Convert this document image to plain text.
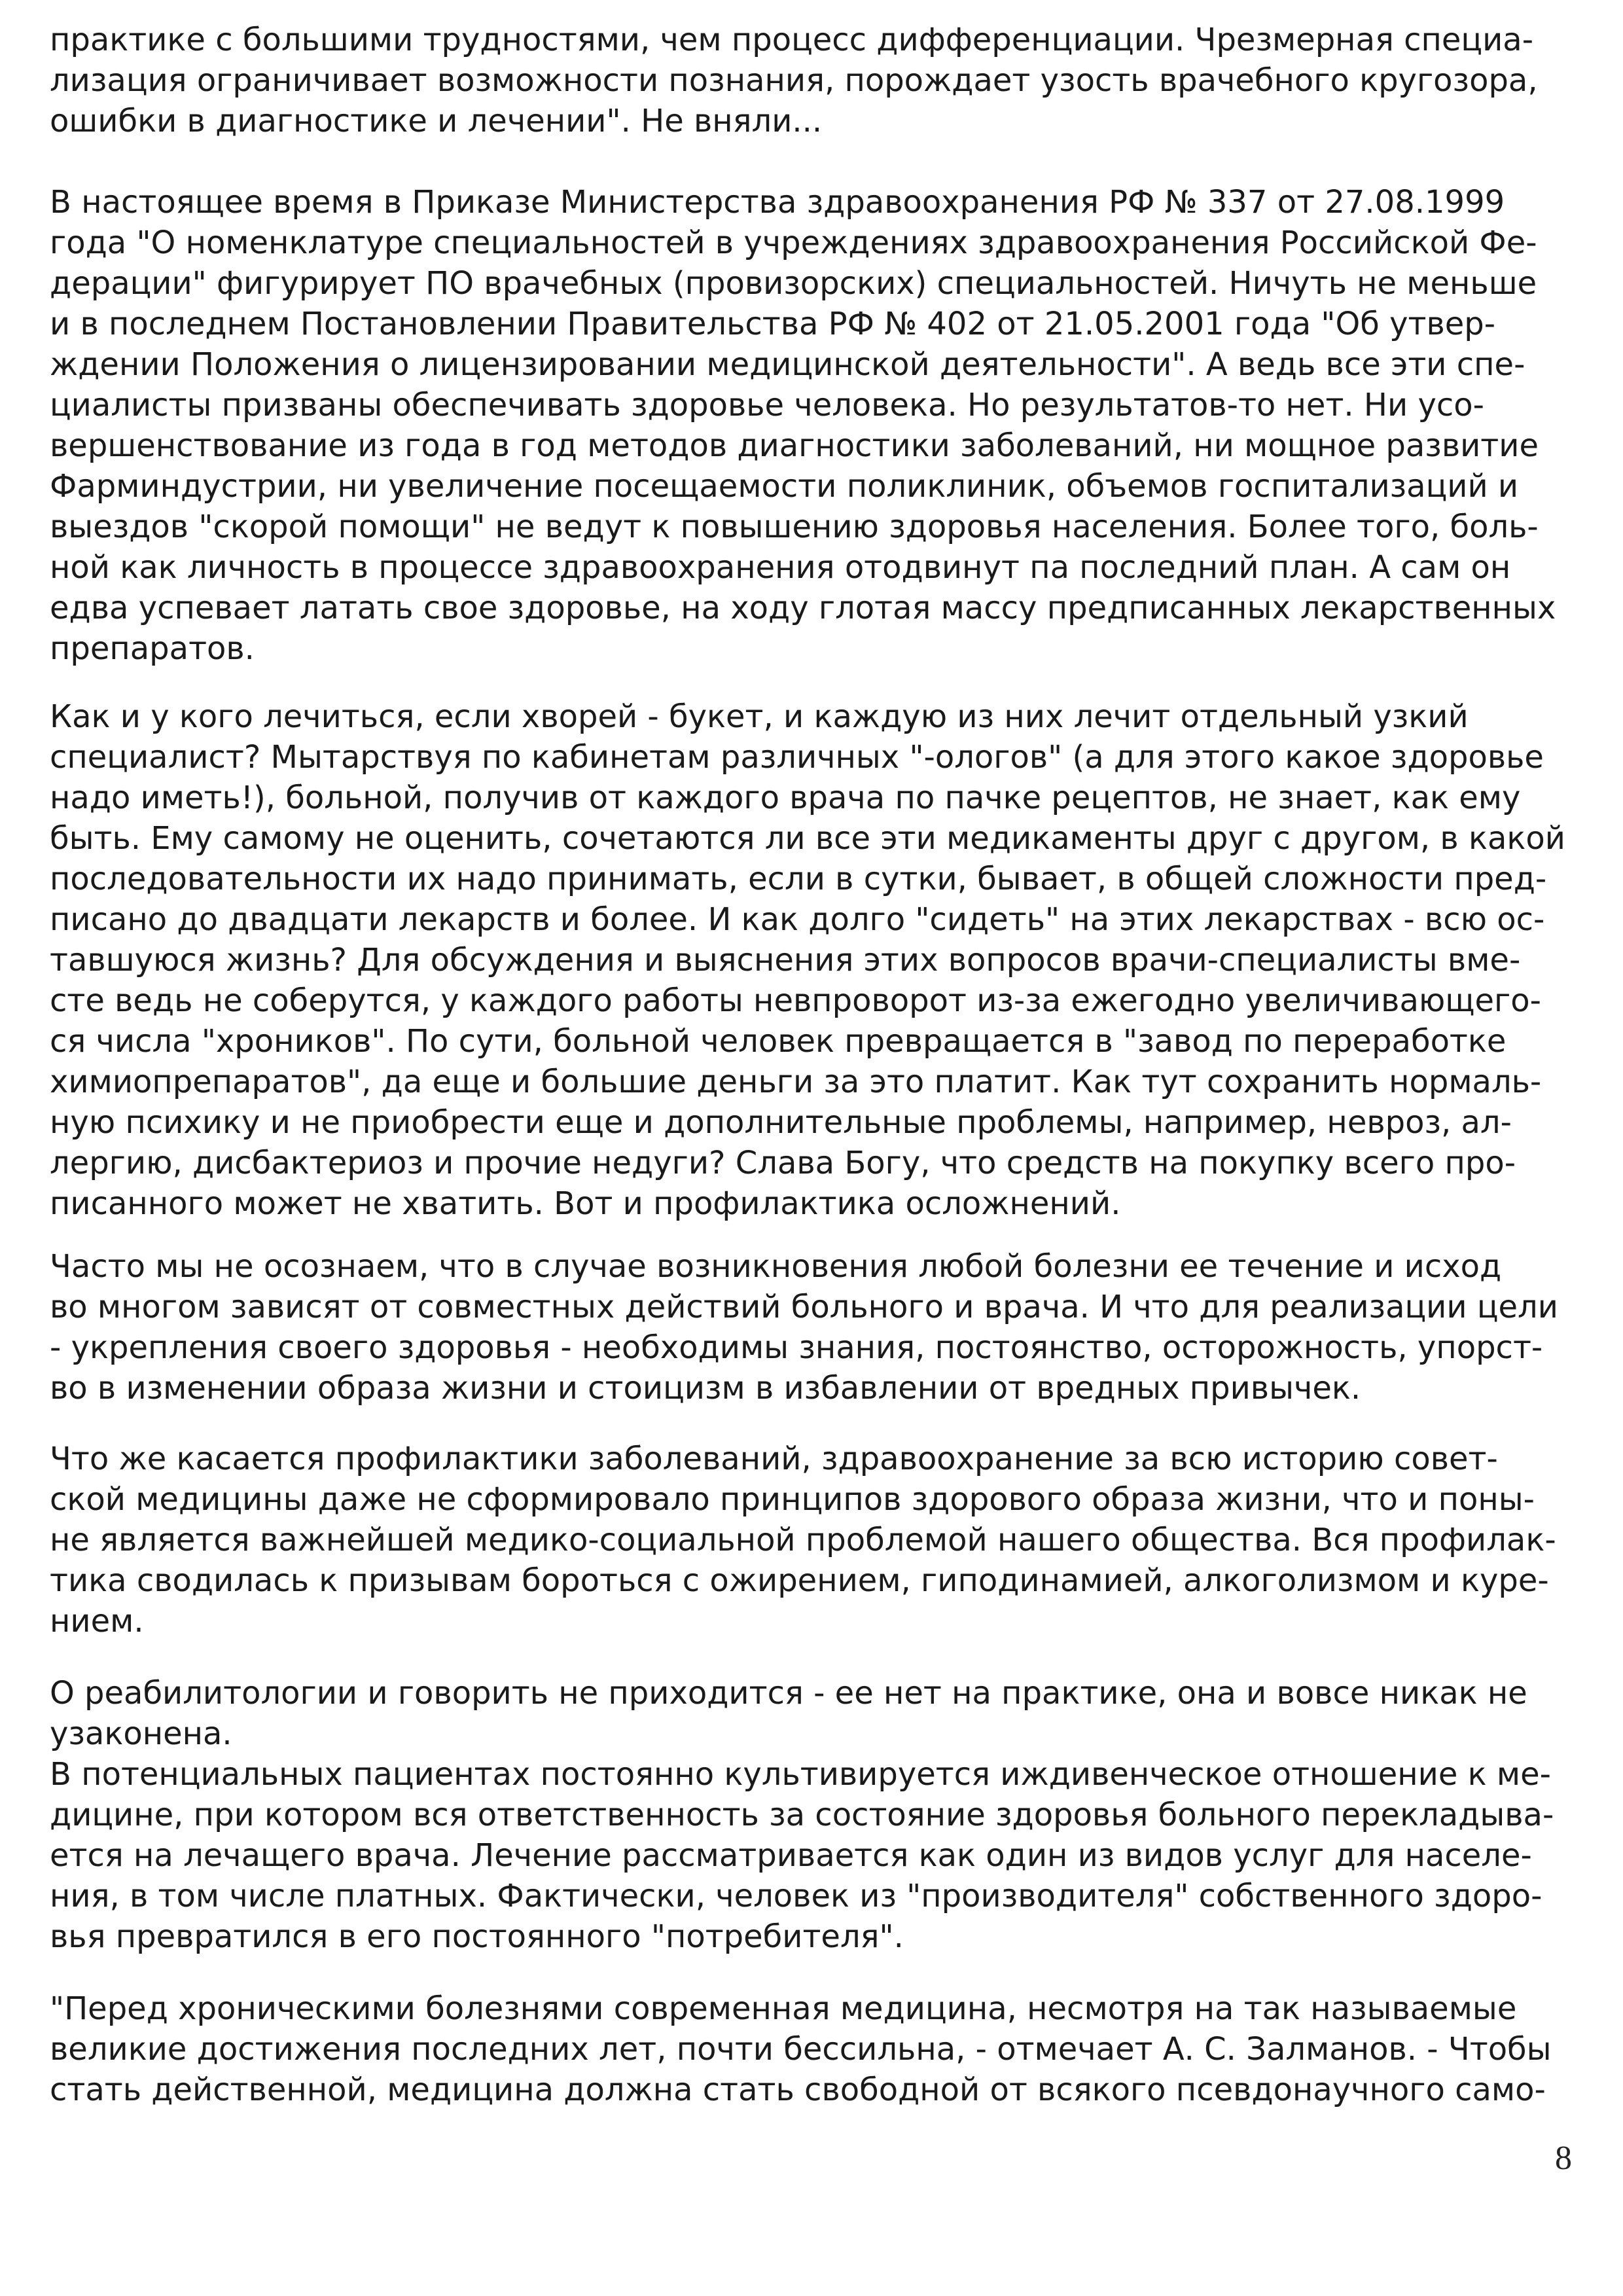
практике с большими трудностями, чем процесс дифференциации. Чрезмерная специа-
лизация ограничивает возможности познания, порождает узость врачебного кругозора,
ошибки в диагностике и лечении". Не вняли...

В настоящее время в Приказе Министерства здравоохранения РФ № 337 от 27.08.1999
года "О номенклатуре специальностей в учреждениях здравоохранения Российской Фе-
дерации" фигурирует ПО врачебных (провизорских) специальностей. Ничуть не меньше
и в последнем Постановлении Правительства РФ № 402 от 21.05.2001 года "Об утвер-
ждении Положения о лицензировании медицинской деятельности". А ведь все эти спе-
циалисты призваны обеспечивать здоровье человека. Но результатов-то нет. Ни усо-
вершенствование из года в год методов диагностики заболеваний, ни мощное развитие
Фарминдустрии, ни увеличение посещаемости поликлиник, объемов госпитализаций и
выездов "скорой помощи" не ведут к повышению здоровья населения. Более того, боль-
ной как личность в процессе здравоохранения отодвинут па последний план. А сам он
едва успевает латать свое здоровье, на ходу глотая массу предписанных лекарственных
препаратов.

Как и у кого лечиться, если хворей - букет, и каждую из них лечит отдельный узкий
специалист? Мытарствуя по кабинетам различных "-ологов" (а для этого какое здоровье
надо иметь!), больной, получив от каждого врача по пачке рецептов, не знает, как ему
быть. Ему самому не оценить, сочетаются ли все эти медикаменты друг с другом, в какой
последовательности их надо принимать, если в сутки, бывает, в общей сложности пред-
писано до двадцати лекарств и более. И как долго "сидеть" на этих лекарствах - всю ос-
тавшуюся жизнь? Для обсуждения и выяснения этих вопросов врачи-специалисты вме-
сте ведь не соберутся, у каждого работы невпроворот из-за ежегодно увеличивающего-
ся числа "хроников". По сути, больной человек превращается в "завод по переработке
химиопрепаратов", да еще и большие деньги за это платит. Как тут сохранить нормаль-
ную психику и не приобрести еще и дополнительные проблемы, например, невроз, ал-
лергию, дисбактериоз и прочие недуги? Слава Богу, что средств на покупку всего про-
писанного может не хватить. Вот и профилактика осложнений.

Часто мы не осознаем, что в случае возникновения любой болезни ее течение и исход
во многом зависят от совместных действий больного и врача. И что для реализации цели
- укрепления своего здоровья - необходимы знания, постоянство, осторожность, упорст-
во в изменении образа жизни и стоицизм в избавлении от вредных привычек.

Что же касается профилактики заболеваний, здравоохранение за всю историю совет-
ской медицины даже не сформировало принципов здорового образа жизни, что и поны-
не является важнейшей медико-социальной проблемой нашего общества. Вся профилак-
тика сводилась к призывам бороться с ожирением, гиподинамией, алкоголизмом и куре-
нием.

О реабилитологии и говорить не приходится - ее нет на практике, она и вовсе никак не
узаконена.
В потенциальных пациентах постоянно культивируется иждивенческое отношение к ме-
дицине, при котором вся ответственность за состояние здоровья больного перекладыва-
ется на лечащего врача. Лечение рассматривается как один из видов услуг для населе-
ния, в том числе платных. Фактически, человек из "производителя" собственного здоро-
вья превратился в его постоянного "потребителя".

"Перед хроническими болезнями современная медицина, несмотря на так называемые
великие достижения последних лет, почти бессильна, - отмечает А. С. Залманов. - Чтобы
стать действенной, медицина должна стать свободной от всякого псевдонаучного само-

8
